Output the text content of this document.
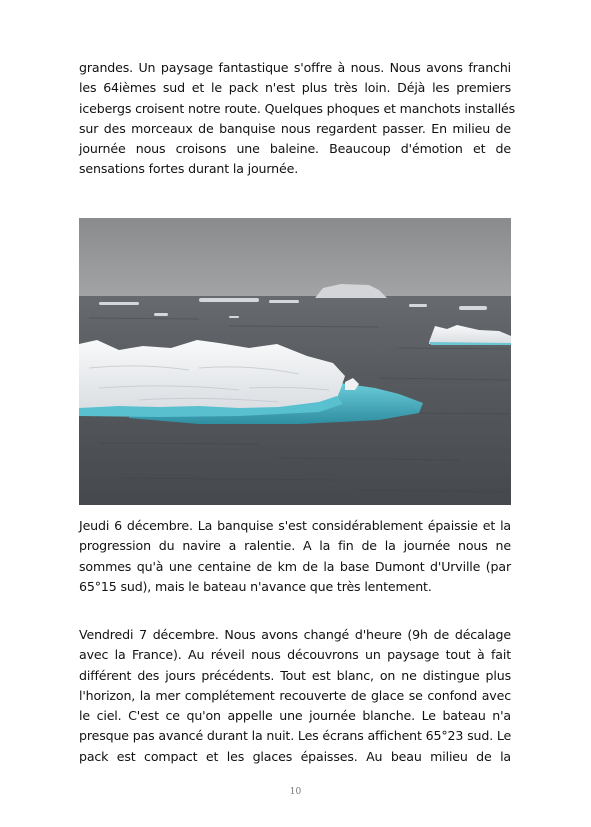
grandes. Un paysage fantastique s'offre à nous. Nous avons franchi
les 64ièmes sud et le pack n'est plus très loin. Déjà les premiers
icebergs croisent notre route. Quelques phoques et manchots installés
sur des morceaux de banquise nous regardent passer. En milieu de
journée nous croisons une baleine. Beaucoup d'émotion et de
sensations fortes durant la journée.

Jeudi 6 décembre. La banquise s'est considérablement épaissie et la
progression du navire a ralentie. A la fin de la journée nous ne
sommes qu'à une centaine de km de la base Dumont d'Urville (par
65°15 sud), mais le bateau n'avance que très lentement.

Vendredi 7 décembre. Nous avons changé d'heure (9h de décalage
avec la France). Au réveil nous découvrons un paysage tout à fait
différent des jours précédents. Tout est blanc, on ne distingue plus
l'horizon, la mer complétement recouverte de glace se confond avec
le ciel. C'est ce qu'on appelle une journée blanche. Le bateau n'a
presque pas avancé durant la nuit. Les écrans affichent 65°23 sud. Le
pack est compact et les glaces épaisses. Au beau milieu de la

10
